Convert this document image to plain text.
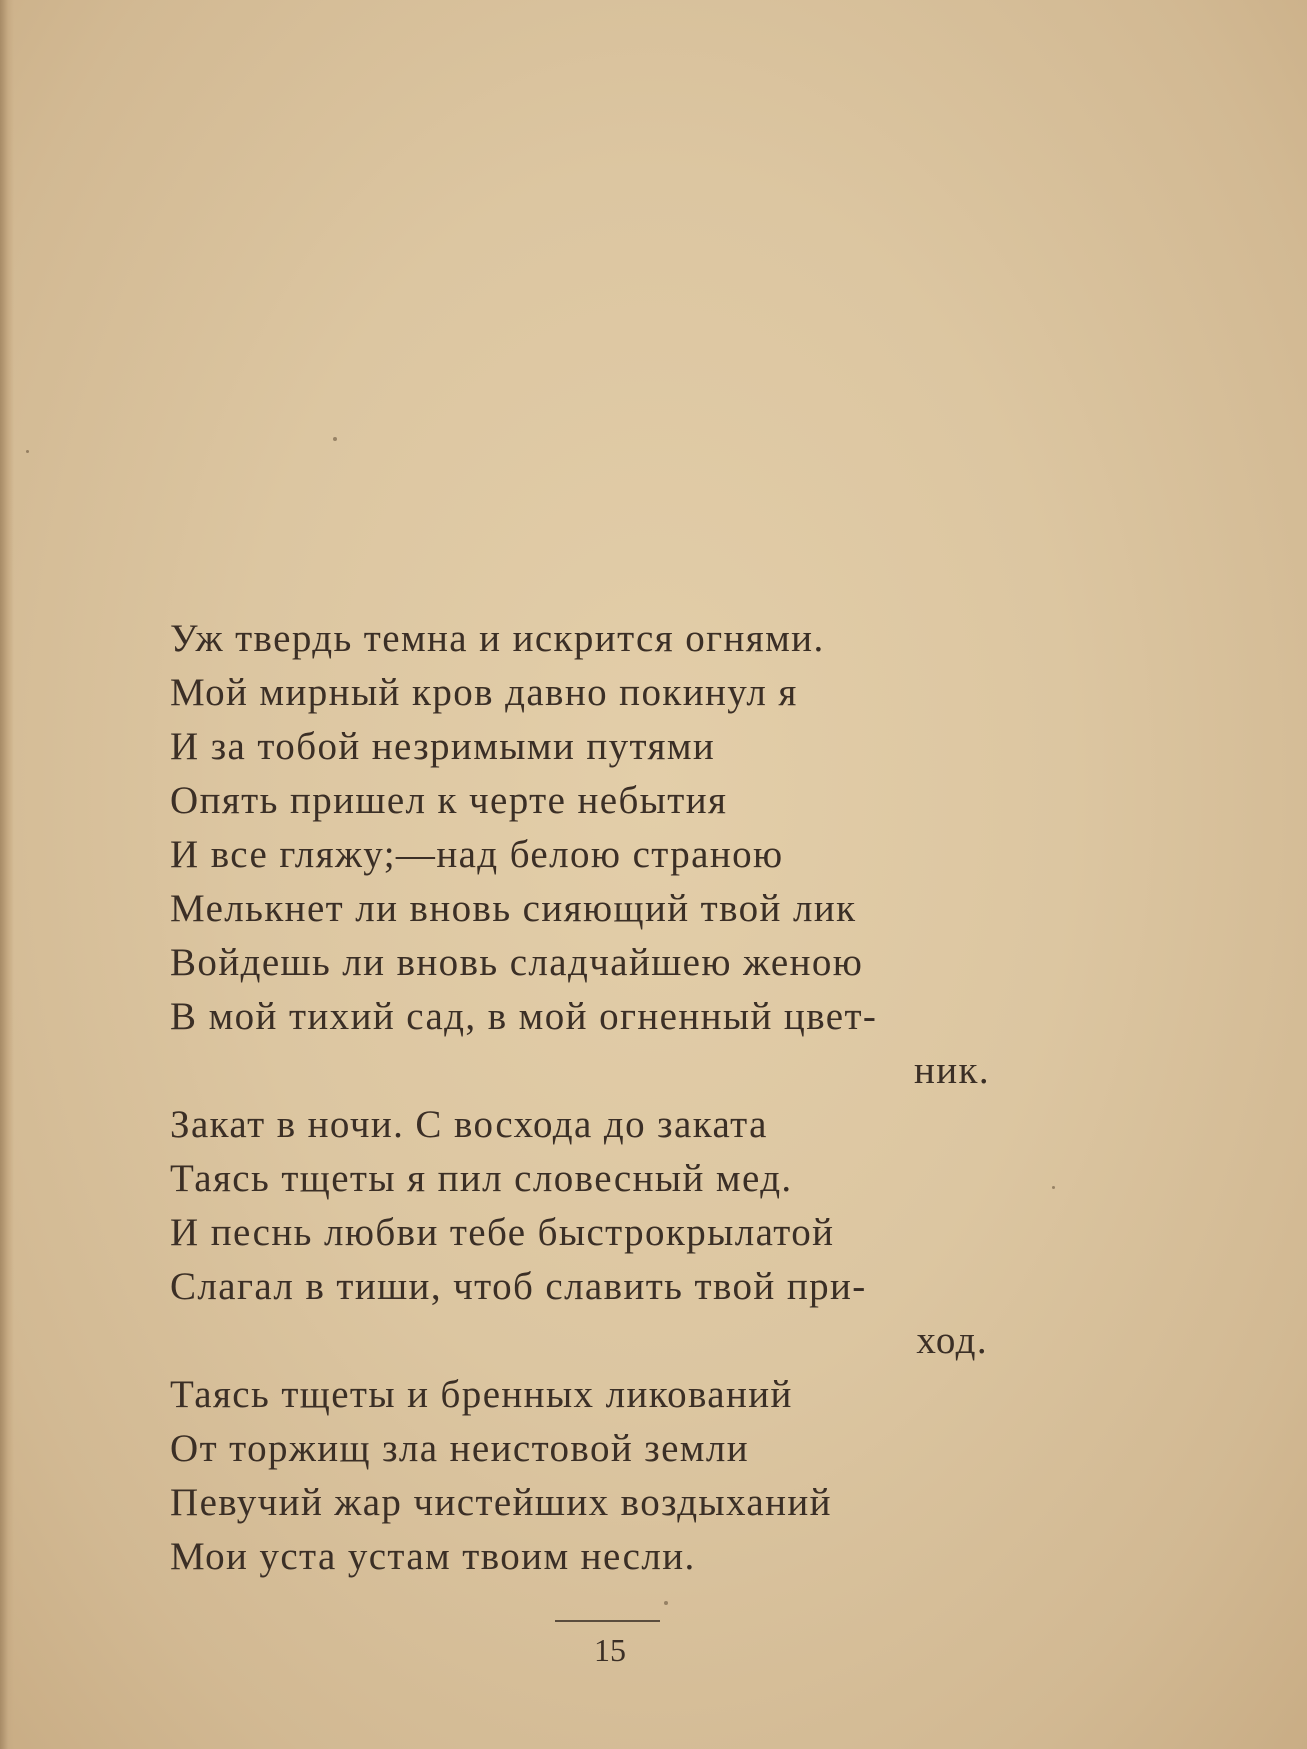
Уж твердь темна и искрится огнями.
Мой мирный кров давно покинул я
И за тобой незримыми путями
Опять пришел к черте небытия
И все гляжу;—над белою страною
Мелькнет ли вновь сияющий твой лик
Войдешь ли вновь сладчайшею женою
В мой тихий сад, в мой огненный цвет-
ник.
Закат в ночи. С восхода до заката
Таясь тщеты я пил словесный мед.
И песнь любви тебе быстрокрылатой
Слагал в тиши, чтоб славить твой при-
ход.
Таясь тщеты и бренных ликований
От торжищ зла неистовой земли
Певучий жар чистейших воздыханий
Мои уста устам твоим несли.
15
